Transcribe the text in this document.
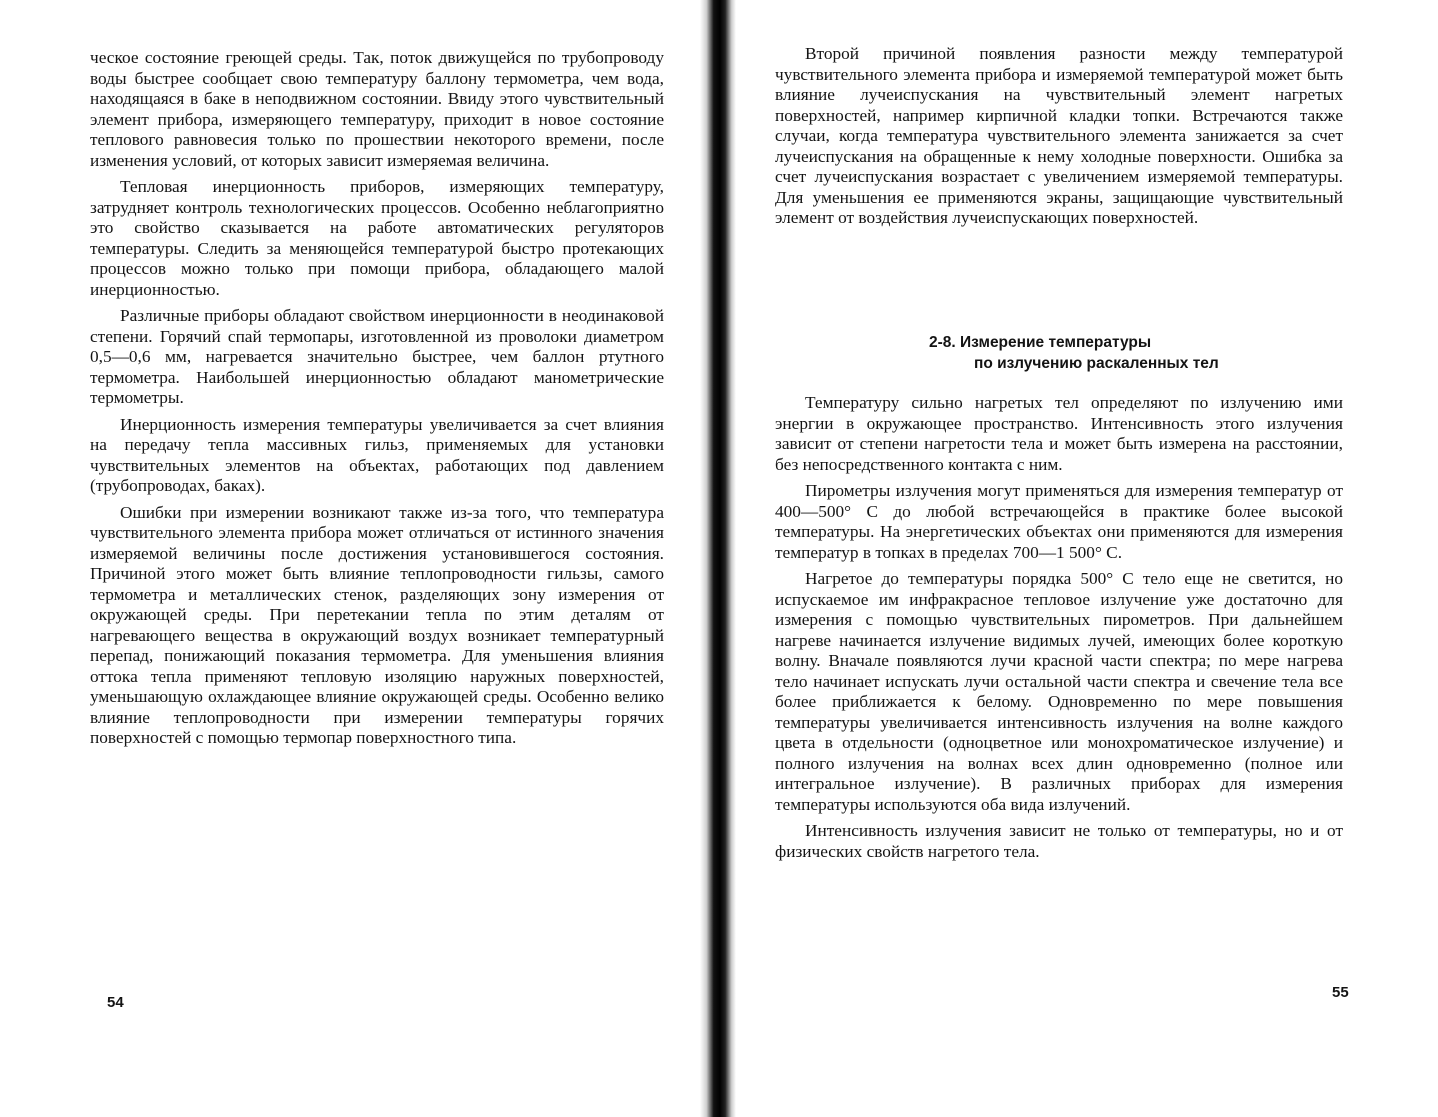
ческое состояние греющей среды. Так, поток движущейся по трубопроводу воды быстрее сообщает свою температуру баллону термометра, чем вода, находящаяся в баке в неподвижном состоянии. Ввиду этого чувствительный элемент прибора, измеряющего температуру, приходит в новое состояние теплового равновесия только по прошествии некоторого времени, после изменения условий, от которых зависит измеряемая величина.

Тепловая инерционность приборов, измеряющих температуру, затрудняет контроль технологических процессов. Особенно неблагоприятно это свойство сказывается на работе автоматических регуляторов температуры. Следить за меняющейся температурой быстро протекающих процессов можно только при помощи прибора, обладающего малой инерционностью.

Различные приборы обладают свойством инерционности в неодинаковой степени. Горячий спай термопары, изготовленной из проволоки диаметром 0,5—0,6 мм, нагревается значительно быстрее, чем баллон ртутного термометра. Наибольшей инерционностью обладают манометрические термометры.

Инерционность измерения температуры увеличивается за счет влияния на передачу тепла массивных гильз, применяемых для установки чувствительных элементов на объектах, работающих под давлением (трубопроводах, баках).

Ошибки при измерении возникают также из-за того, что температура чувствительного элемента прибора может отличаться от истинного значения измеряемой величины после достижения установившегося состояния. Причиной этого может быть влияние теплопроводности гильзы, самого термометра и металлических стенок, разделяющих зону измерения от окружающей среды. При перетекании тепла по этим деталям от нагревающего вещества в окружающий воздух возникает температурный перепад, понижающий показания термометра. Для уменьшения влияния оттока тепла применяют тепловую изоляцию наружных поверхностей, уменьшающую охлаждающее влияние окружающей среды. Особенно велико влияние теплопроводности при измерении температуры горячих поверхностей с помощью термопар поверхностного типа.

54

Второй причиной появления разности между температурой чувствительного элемента прибора и измеряемой температурой может быть влияние лучеиспускания на чувствительный элемент нагретых поверхностей, например кирпичной кладки топки. Встречаются также случаи, когда температура чувствительного элемента занижается за счет лучеиспускания на обращенные к нему холодные поверхности. Ошибка за счет лучеиспускания возрастает с увеличением измеряемой температуры. Для уменьшения ее применяются экраны, защищающие чувствительный элемент от воздействия лучеиспускающих поверхностей.

2-8. Измерение температуры
по излучению раскаленных тел

Температуру сильно нагретых тел определяют по излучению ими энергии в окружающее пространство. Интенсивность этого излучения зависит от степени нагретости тела и может быть измерена на расстоянии, без непосредственного контакта с ним.

Пирометры излучения могут применяться для измерения температур от 400—500° С до любой встречающейся в практике более высокой температуры. На энергетических объектах они применяются для измерения температур в топках в пределах 700—1 500° С.

Нагретое до температуры порядка 500° С тело еще не светится, но испускаемое им инфракрасное тепловое излучение уже достаточно для измерения с помощью чувствительных пирометров. При дальнейшем нагреве начинается излучение видимых лучей, имеющих более короткую волну. Вначале появляются лучи красной части спектра; по мере нагрева тело начинает испускать лучи остальной части спектра и свечение тела все более приближается к белому. Одновременно по мере повышения температуры увеличивается интенсивность излучения на волне каждого цвета в отдельности (одноцветное или монохроматическое излучение) и полного излучения на волнах всех длин одновременно (полное или интегральное излучение). В различных приборах для измерения температуры используются оба вида излучений.

Интенсивность излучения зависит не только от температуры, но и от физических свойств нагретого тела.

55
